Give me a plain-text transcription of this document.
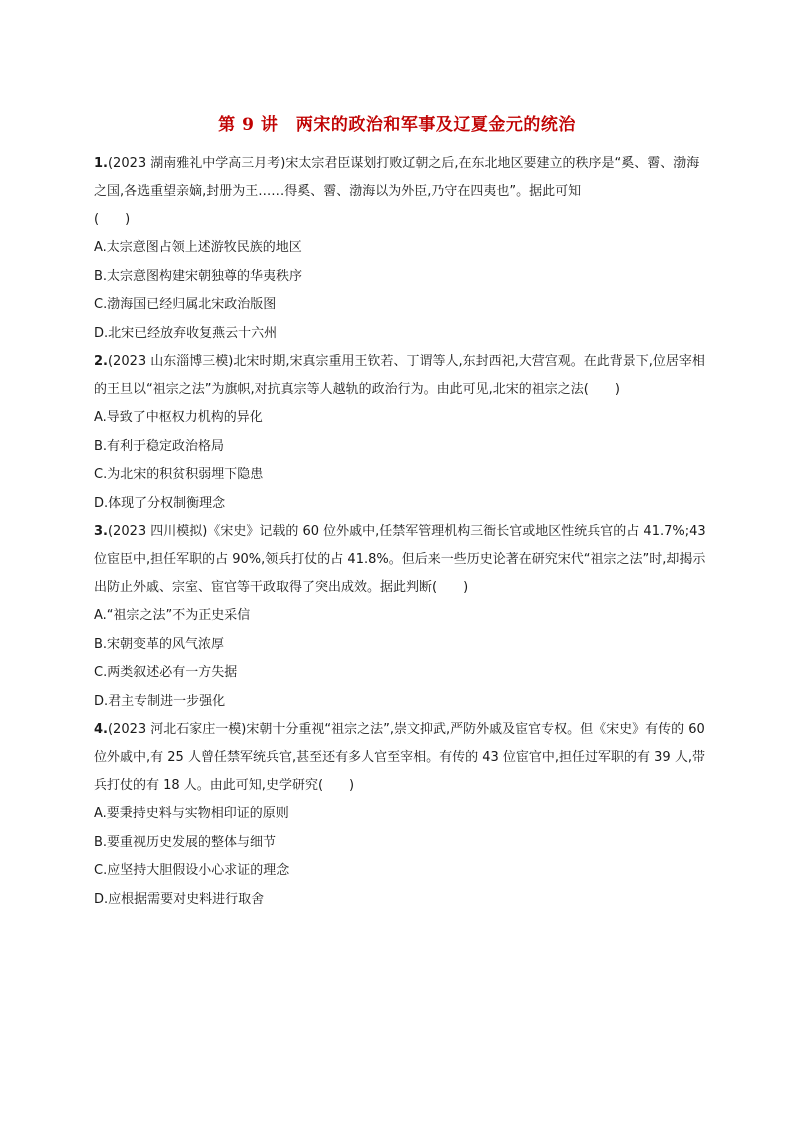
第 9 讲　两宋的政治和军事及辽夏金元的统治

1.(2023 湖南雅礼中学高三月考)宋太宗君臣谋划打败辽朝之后,在东北地区要建立的秩序是“奚、霫、渤海之国,各选重望亲嫡,封册为王……得奚、霫、渤海以为外臣,乃守在四夷也”。据此可知
(　　)

A.太宗意图占领上述游牧民族的地区

B.太宗意图构建宋朝独尊的华夷秩序

C.渤海国已经归属北宋政治版图

D.北宋已经放弃收复燕云十六州

2.(2023 山东淄博三模)北宋时期,宋真宗重用王钦若、丁谓等人,东封西祀,大营宫观。在此背景下,位居宰相的王旦以“祖宗之法”为旗帜,对抗真宗等人越轨的政治行为。由此可见,北宋的祖宗之法(　　)

A.导致了中枢权力机构的异化

B.有利于稳定政治格局

C.为北宋的积贫积弱埋下隐患

D.体现了分权制衡理念

3.(2023 四川模拟)《宋史》记载的 60 位外戚中,任禁军管理机构三衙长官或地区性统兵官的占 41.7%;43 位宦臣中,担任军职的占 90%,领兵打仗的占 41.8%。但后来一些历史论著在研究宋代“祖宗之法”时,却揭示出防止外戚、宗室、宦官等干政取得了突出成效。据此判断(　　)

A.“祖宗之法”不为正史采信

B.宋朝变革的风气浓厚

C.两类叙述必有一方失据

D.君主专制进一步强化

4.(2023 河北石家庄一模)宋朝十分重视“祖宗之法”,崇文抑武,严防外戚及宦官专权。但《宋史》有传的 60 位外戚中,有 25 人曾任禁军统兵官,甚至还有多人官至宰相。有传的 43 位宦官中,担任过军职的有 39 人,带兵打仗的有 18 人。由此可知,史学研究(　　)

A.要秉持史料与实物相印证的原则

B.要重视历史发展的整体与细节

C.应坚持大胆假设小心求证的理念

D.应根据需要对史料进行取舍
